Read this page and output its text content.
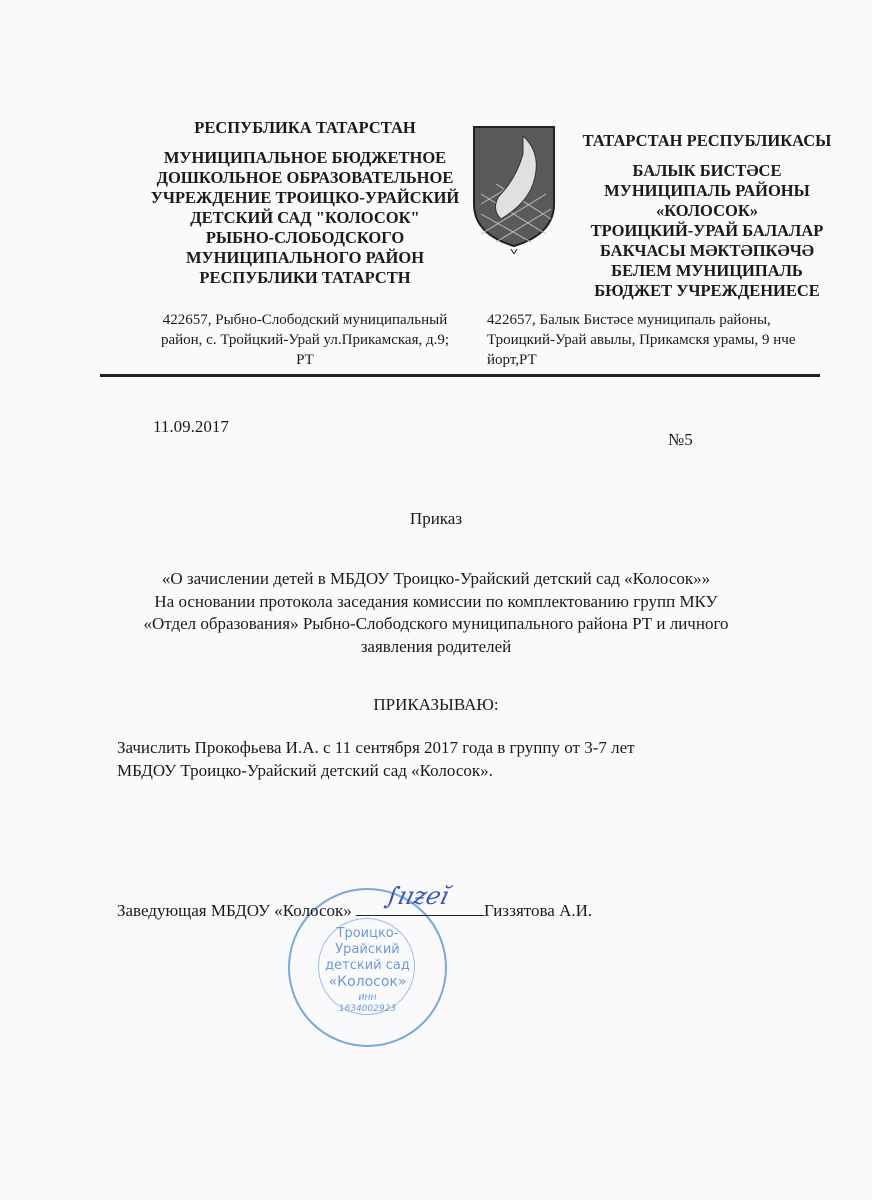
РЕСПУБЛИКА ТАТАРСТАН
МУНИЦИПАЛЬНОЕ БЮДЖЕТНОЕ
ДОШКОЛЬНОЕ ОБРАЗОВАТЕЛЬНОЕ
УЧРЕЖДЕНИЕ ТРОИЦКО-УРАЙСКИЙ
ДЕТСКИЙ САД "КОЛОСОК"
РЫБНО-СЛОБОДСКОГО
МУНИЦИПАЛЬНОГО РАЙОН
РЕСПУБЛИКИ ТАТАРСТН
422657, Рыбно-Слободский муниципальный
район, с. Тройцкий-Урай ул.Прикамская, д.9;
РТ
ТАТАРСТАН РЕСПУБЛИКАСЫ
БАЛЫК БИСТӘСЕ
МУНИЦИПАЛЬ РАЙОНЫ
«КОЛОСОК»
ТРОИЦКИЙ-УРАЙ БАЛАЛАР
БАКЧАСЫ МӘКТӘПКӘЧӘ
БЕЛЕМ МУНИЦИПАЛЬ
БЮДЖЕТ УЧРЕЖДЕНИЕСЕ
422657, Балык Бистәсе муниципаль районы,
Троицкий-Урай авылы, Прикамскя урамы, 9 нче
йорт,РТ
11.09.2017
№5
Приказ
«О зачислении детей в МБДОУ Троицко-Урайский детский сад «Колосок»»
На основании протокола заседания комиссии по комплектованию групп МКУ
«Отдел образования» Рыбно-Слободского муниципального района РТ и личного
заявления родителей
ПРИКАЗЫВАЮ:
Зачислить Прокофьева И.А. с 11 сентября 2017 года в группу от 3-7 лет
МБДОУ Троицко-Урайский детский сад «Колосок».
Троицко-
Урайский
детский сад
«Колосок»
ИНН
1634002923
Заведующая МБДОУ «Колосок»
∫ııƶeĭ
Гиззятова А.И.
